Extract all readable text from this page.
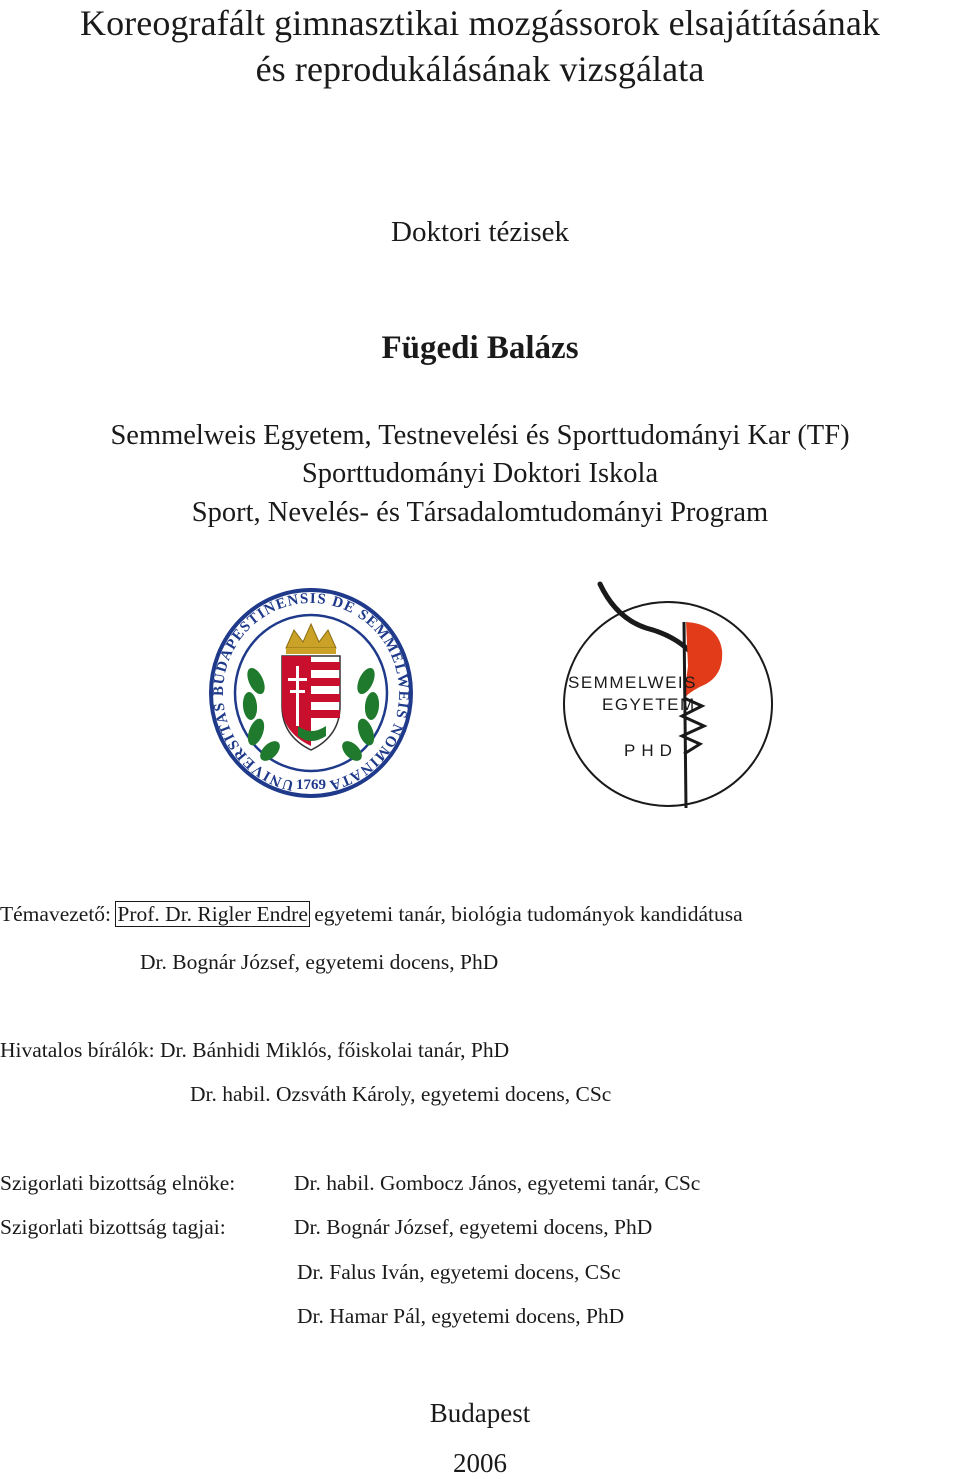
Koreografált gimnasztikai mozgássorok elsajátításának
és reprodukálásának vizsgálata
Doktori tézisek
Fügedi Balázs
Semmelweis Egyetem, Testnevelési és Sporttudományi Kar (TF)
Sporttudományi Doktori Iskola
Sport, Nevelés- és Társadalomtudományi Program
UNIVERSITAS BUDAPESTINENSIS DE SEMMELWEIS NOMINATA
1769
SEMMELWEIS
EGYETEM
PHD
Témavezető: Prof. Dr. Rigler Endre egyetemi tanár, biológia tudományok kandidátusa
Dr. Bognár József, egyetemi docens, PhD
Hivatalos bírálók: Dr. Bánhidi Miklós, főiskolai tanár, PhD
Dr. habil. Ozsváth Károly, egyetemi docens, CSc
Szigorlati bizottság elnöke:	Dr. habil. Gombocz János, egyetemi tanár, CSc
Szigorlati bizottság tagjai:	Dr. Bognár József, egyetemi docens, PhD
Dr. Falus Iván, egyetemi docens, CSc
Dr. Hamar Pál, egyetemi docens, PhD
Budapest
2006
